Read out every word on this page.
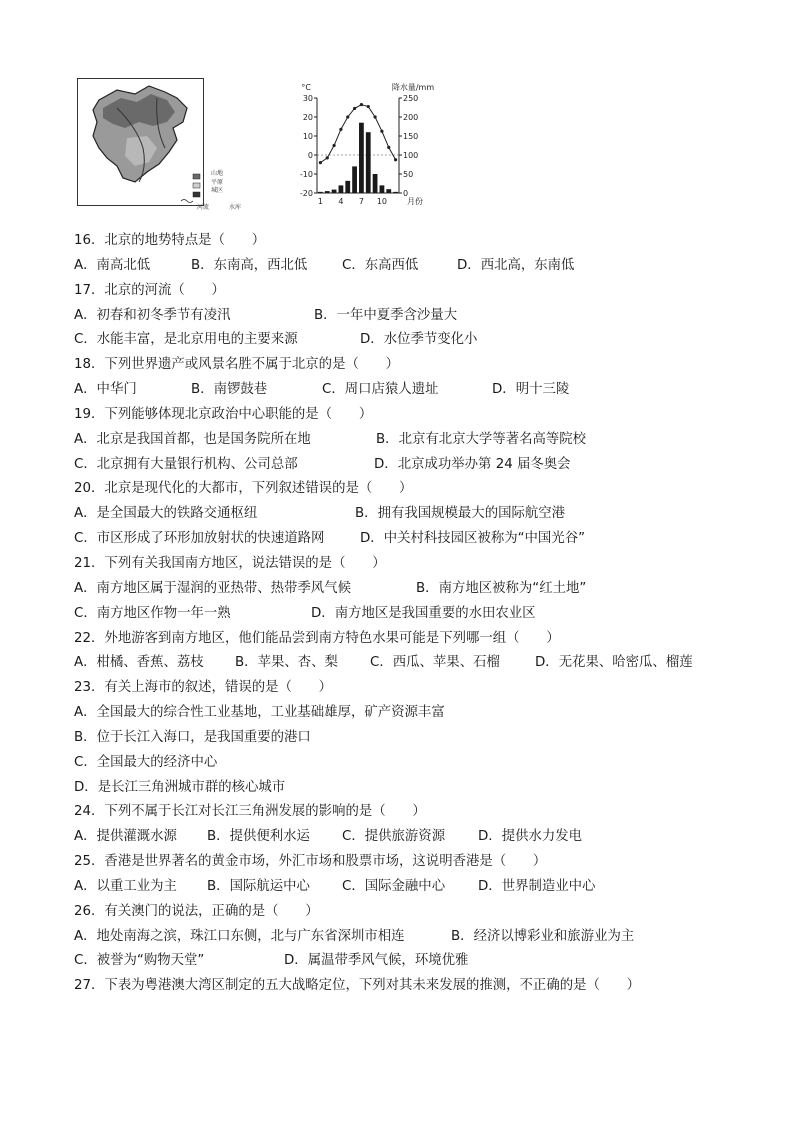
山地
平原
城区
河流	水库
30
20
10
0
-10
-20
250
200
150
100
50
0
1 4 7 10 月份
°C	降水量/mm
16．北京的地势特点是（　　）
A．南高北低	B．东南高，西北低	C．东高西低	D．西北高，东南低
17．北京的河流（　　）
A．初春和初冬季节有凌汛	B．一年中夏季含沙量大
C．水能丰富，是北京用电的主要来源	D．水位季节变化小
18．下列世界遗产或风景名胜不属于北京的是（　　）
A．中华门	B．南锣鼓巷	C．周口店猿人遗址	D．明十三陵
19．下列能够体现北京政治中心职能的是（　　）
A．北京是我国首都，也是国务院所在地	B．北京有北京大学等著名高等院校
C．北京拥有大量银行机构、公司总部	D．北京成功举办第 24 届冬奥会
20．北京是现代化的大都市，下列叙述错误的是（　　）
A．是全国最大的铁路交通枢纽	B．拥有我国规模最大的国际航空港
C．市区形成了环形加放射状的快速道路网	D．中关村科技园区被称为“中国光谷”
21．下列有关我国南方地区，说法错误的是（　　）
A．南方地区属于湿润的亚热带、热带季风气候	B．南方地区被称为“红土地”
C．南方地区作物一年一熟	D．南方地区是我国重要的水田农业区
22．外地游客到南方地区，他们能品尝到南方特色水果可能是下列哪一组（　　）
A．柑橘、香蕉、荔枝 B．苹果、杏、梨 C．西瓜、苹果、石榴	D．无花果、哈密瓜、榴莲
23．有关上海市的叙述，错误的是（　　）
A．全国最大的综合性工业基地，工业基础雄厚，矿产资源丰富
B．位于长江入海口，是我国重要的港口
C．全国最大的经济中心
D．是长江三角洲城市群的核心城市
24．下列不属于长江对长江三角洲发展的影响的是（　　）
A．提供灌溉水源 B．提供便利水运 C．提供旅游资源 D．提供水力发电
25．香港是世界著名的黄金市场，外汇市场和股票市场，这说明香港是（　　）
A．以重工业为主 B．国际航运中心 C．国际金融中心 D．世界制造业中心
26．有关澳门的说法，正确的是（　　）
A．地处南海之滨，珠江口东侧，北与广东省深圳市相连	B．经济以博彩业和旅游业为主
C．被誉为“购物天堂”	D．属温带季风气候，环境优雅
27．下表为粤港澳大湾区制定的五大战略定位，下列对其未来发展的推测，不正确的是（　　）
